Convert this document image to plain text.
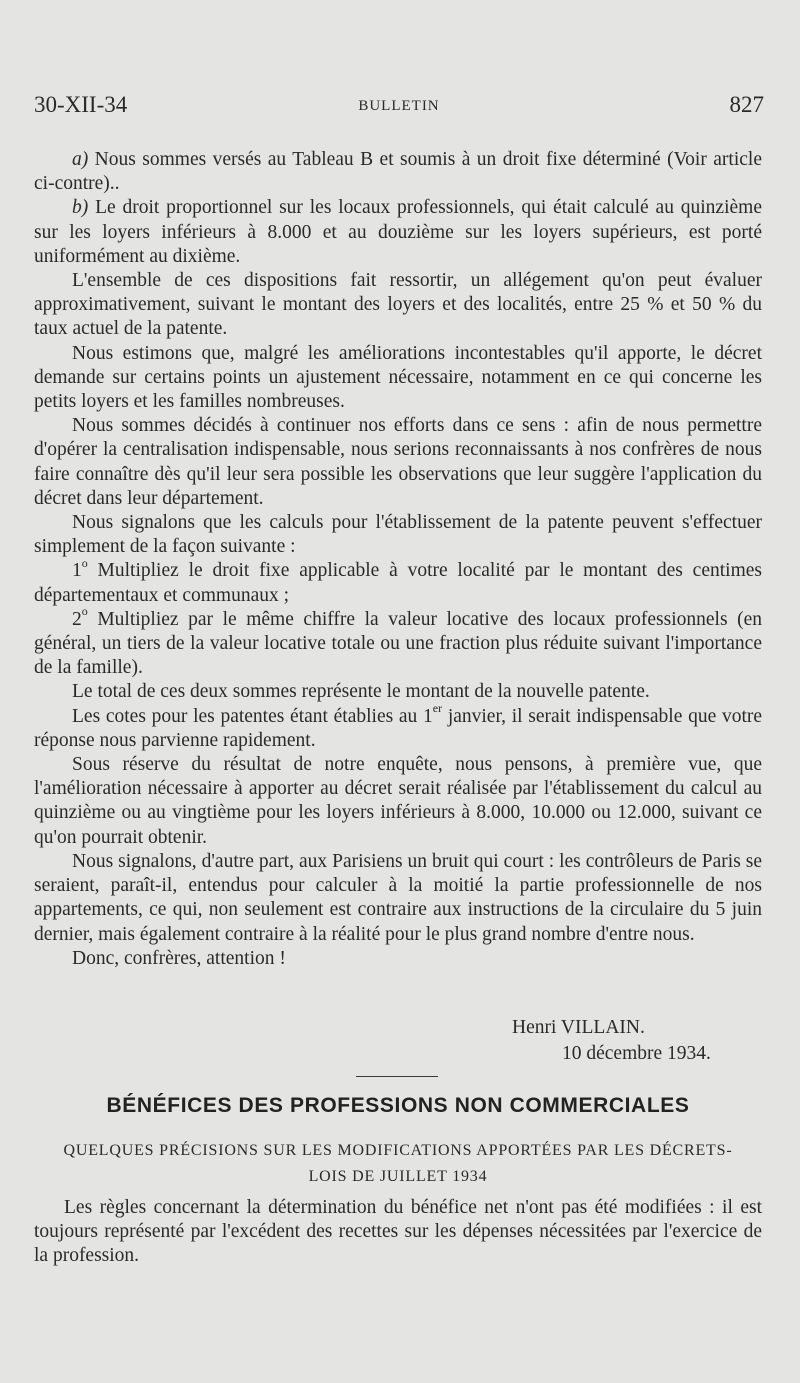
30-XII-34	BULLETIN	827

a) Nous sommes versés au Tableau B et soumis à un droit fixe déterminé (Voir article ci-contre)..

b) Le droit proportionnel sur les locaux professionnels, qui était calculé au quinzième sur les loyers inférieurs à 8.000 et au douzième sur les loyers supérieurs, est porté uniformément au dixième.

L'ensemble de ces dispositions fait ressortir, un allégement qu'on peut évaluer approximativement, suivant le montant des loyers et des localités, entre 25 % et 50 % du taux actuel de la patente.

Nous estimons que, malgré les améliorations incontestables qu'il apporte, le décret demande sur certains points un ajustement nécessaire, notamment en ce qui concerne les petits loyers et les familles nombreuses.

Nous sommes décidés à continuer nos efforts dans ce sens : afin de nous permettre d'opérer la centralisation indispensable, nous serions reconnaissants à nos confrères de nous faire connaître dès qu'il leur sera possible les observations que leur suggère l'application du décret dans leur département.

Nous signalons que les calculs pour l'établissement de la patente peuvent s'effectuer simplement de la façon suivante :

1$^o$ Multipliez le droit fixe applicable à votre localité par le montant des centimes départementaux et communaux ;

2$^o$ Multipliez par le même chiffre la valeur locative des locaux professionnels (en général, un tiers de la valeur locative totale ou une fraction plus réduite suivant l'importance de la famille).

Le total de ces deux sommes représente le montant de la nouvelle patente.

Les cotes pour les patentes étant établies au 1er janvier, il serait indispensable que votre réponse nous parvienne rapidement.

Sous réserve du résultat de notre enquête, nous pensons, à première vue, que l'amélioration nécessaire à apporter au décret serait réalisée par l'établissement du calcul au quinzième ou au vingtième pour les loyers inférieurs à 8.000, 10.000 ou 12.000, suivant ce qu'on pourrait obtenir.

Nous signalons, d'autre part, aux Parisiens un bruit qui court : les contrôleurs de Paris se seraient, paraît-il, entendus pour calculer à la moitié la partie professionnelle de nos appartements, ce qui, non seulement est contraire aux instructions de la circulaire du 5 juin dernier, mais également contraire à la réalité pour le plus grand nombre d'entre nous.

Donc, confrères, attention !

Henri VILLAIN.
10 décembre 1934.
BÉNÉFICES DES PROFESSIONS NON COMMERCIALES
QUELQUES PRÉCISIONS SUR LES MODIFICATIONS APPORTÉES PAR LES DÉCRETS-
LOIS DE JUILLET 1934

Les règles concernant la détermination du bénéfice net n'ont pas été modifiées : il est toujours représenté par l'excédent des recettes sur les dépenses nécessitées par l'exercice de la profession.
